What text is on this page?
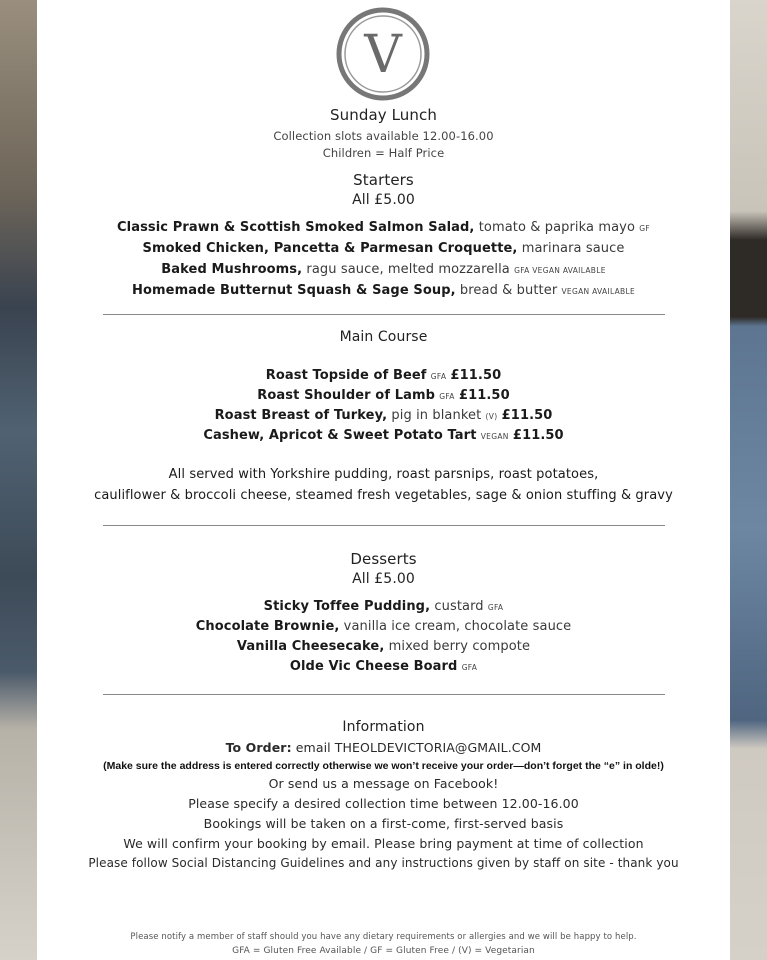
V
Sunday Lunch
Collection slots available 12.00-16.00
Children = Half Price
Starters
All £5.00
Classic Prawn & Scottish Smoked Salmon Salad, tomato & paprika mayo GF
Smoked Chicken, Pancetta & Parmesan Croquette, marinara sauce
Baked Mushrooms, ragu sauce, melted mozzarella GFA VEGAN AVAILABLE
Homemade Butternut Squash & Sage Soup, bread & butter VEGAN AVAILABLE
Main Course
Roast Topside of Beef GFA £11.50
Roast Shoulder of Lamb GFA £11.50
Roast Breast of Turkey, pig in blanket (V) £11.50
Cashew, Apricot & Sweet Potato Tart VEGAN £11.50
All served with Yorkshire pudding, roast parsnips, roast potatoes,
cauliflower & broccoli cheese, steamed fresh vegetables, sage & onion stuffing & gravy
Desserts
All £5.00
Sticky Toffee Pudding, custard GFA
Chocolate Brownie, vanilla ice cream, chocolate sauce
Vanilla Cheesecake, mixed berry compote
Olde Vic Cheese Board GFA
Information
To Order: email THEOLDEVICTORIA@GMAIL.COM
(Make sure the address is entered correctly otherwise we won’t receive your order—don’t forget the “e” in olde!)
Or send us a message on Facebook!
Please specify a desired collection time between 12.00-16.00
Bookings will be taken on a first-come, first-served basis
We will confirm your booking by email. Please bring payment at time of collection
Please follow Social Distancing Guidelines and any instructions given by staff on site - thank you
Please notify a member of staff should you have any dietary requirements or allergies and we will be happy to help.
GFA = Gluten Free Available / GF = Gluten Free / (V) = Vegetarian
